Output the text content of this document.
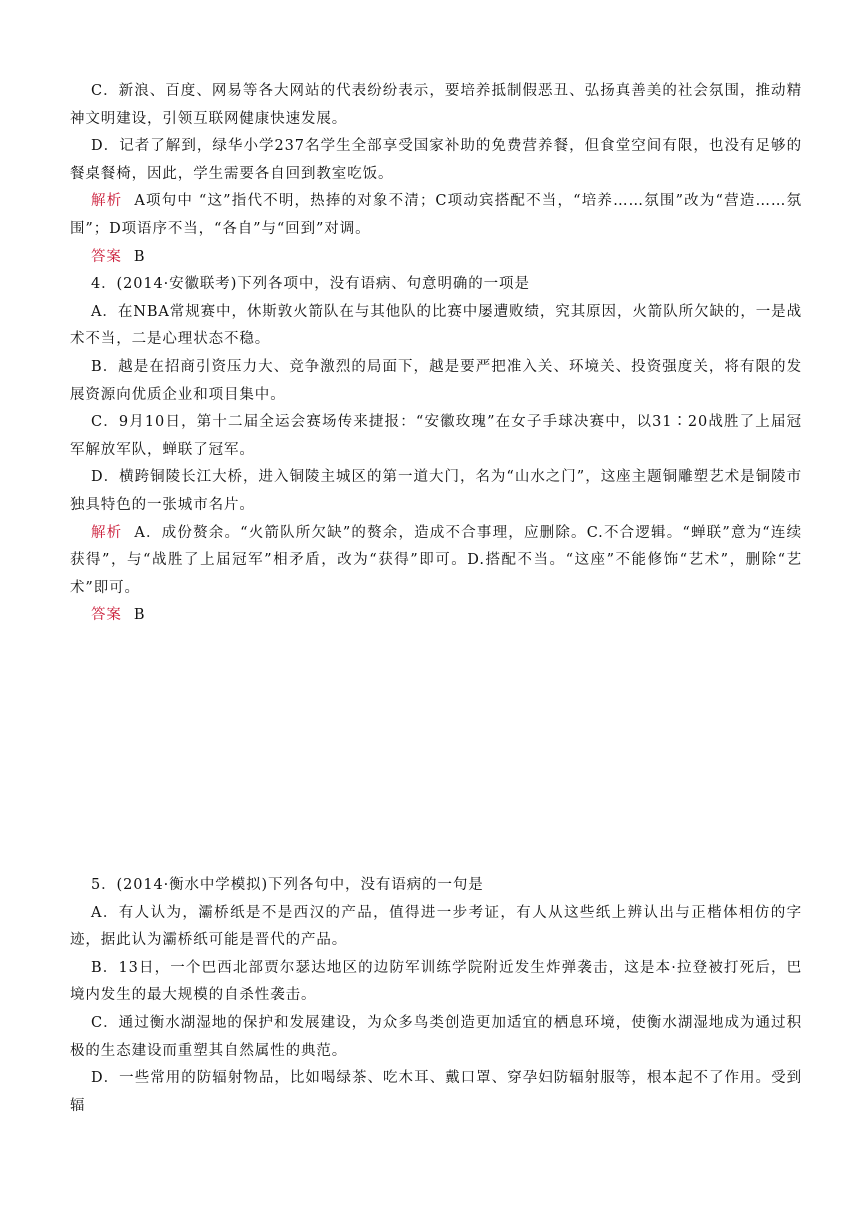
C．新浪、百度、网易等各大网站的代表纷纷表示，要培养抵制假恶丑、弘扬真善美的社会氛围，推动精神文明建设，引领互联网健康快速发展。

D．记者了解到，绿华小学237名学生全部享受国家补助的免费营养餐，但食堂空间有限，也没有足够的餐桌餐椅，因此，学生需要各自回到教室吃饭。

解析 A项句中 “这”指代不明，热捧的对象不清；C项动宾搭配不当，“培养……氛围”改为“营造……氛围”；D项语序不当，“各自”与“回到”对调。

答案 B

4．(2014·安徽联考)下列各项中，没有语病、句意明确的一项是

A．在NBA常规赛中，休斯敦火箭队在与其他队的比赛中屡遭败绩，究其原因，火箭队所欠缺的，一是战术不当，二是心理状态不稳。

B．越是在招商引资压力大、竞争激烈的局面下，越是要严把准入关、环境关、投资强度关，将有限的发展资源向优质企业和项目集中。

C．9月10日，第十二届全运会赛场传来捷报：“安徽玫瑰”在女子手球决赛中，以31∶20战胜了上届冠军解放军队，蝉联了冠军。

D．横跨铜陵长江大桥，进入铜陵主城区的第一道大门，名为“山水之门”，这座主题铜雕塑艺术是铜陵市独具特色的一张城市名片。

解析 A．成份赘余。“火箭队所欠缺”的赘余，造成不合事理，应删除。C.不合逻辑。“蝉联”意为“连续获得”，与“战胜了上届冠军”相矛盾，改为“获得”即可。D.搭配不当。“这座”不能修饰“艺术”，删除“艺术”即可。

答案 B

5．(2014·衡水中学模拟)下列各句中，没有语病的一句是

A．有人认为，灞桥纸是不是西汉的产品，值得进一步考证，有人从这些纸上辨认出与正楷体相仿的字迹，据此认为灞桥纸可能是晋代的产品。

B．13日，一个巴西北部贾尔瑟达地区的边防军训练学院附近发生炸弹袭击，这是本·拉登被打死后，巴境内发生的最大规模的自杀性袭击。

C．通过衡水湖湿地的保护和发展建设，为众多鸟类创造更加适宜的栖息环境，使衡水湖湿地成为通过积极的生态建设而重塑其自然属性的典范。

D．一些常用的防辐射物品，比如喝绿茶、吃木耳、戴口罩、穿孕妇防辐射服等，根本起不了作用。受到辐
